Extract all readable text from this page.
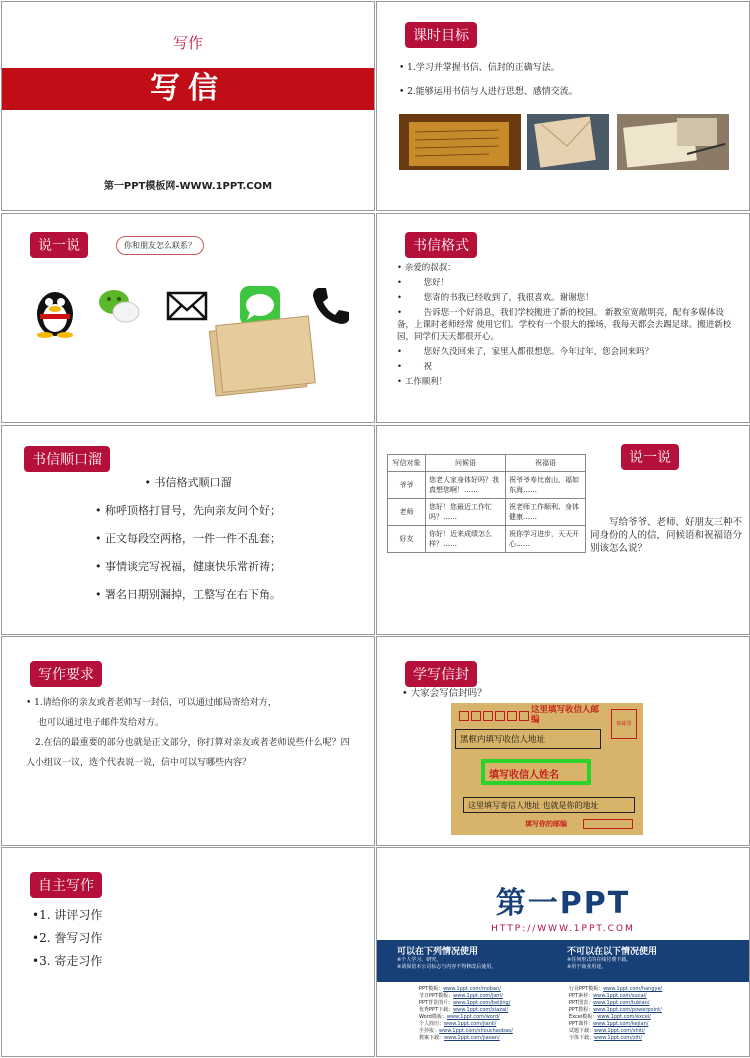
写作
写信
第一PPT模板网-WWW.1PPT.COM
课时目标
• 1.学习并掌握书信、信封的正确写法。
• 2.能够运用书信与人进行思想、感情交流。
说一说	你和朋友怎么联系？	书信格式

• 亲爱的叔叔：

•        您好！

•        您寄的书我已经收到了，我很喜欢。谢谢您！

•        告诉您一个好消息，我们学校搬进了新的校园。 新教室宽敞明亮，配有多媒体设备，上课时老师经常 使用它们。学校有一个很大的操场，我每天都会去踢足球。搬进新校园，同学们天天都很开心。

•        您好久没回来了，家里人都很想您。今年过年，您会回来吗？

•        祝

• 工作顺利！

书信顺口溜

• 书信格式顺口溜

• 称呼顶格打冒号，先向亲友问个好；

• 正文每段空两格，一件一件不乱套；

• 事情谈完写祝福，健康快乐常祈祷；

• 署名日期别漏掉，工整写在右下角。

写信对象	问候语	祝福语
爷爷	您老人家身体好吗？我真想您啊！……	祝爷爷寿比南山、福如东海……
老师	您好！您最近工作忙吗？……	祝老师工作顺利、身体健康……
好友	你好！近来成绩怎么样？……	祝你学习进步，天天开心……
说一说
写给爷爷、老师、好朋友三种不同身份的人的信，问候语和祝福语分别该怎么说？
写作要求
• 1.请给你的亲友或者老师写一封信，可以通过邮局寄给对方，
也可以通过电子邮件发给对方。
2.在信的最重要的部分也就是正文部分，你打算对亲友或者老师说些什么呢？四人小组议一议，选个代表说一说，信中可以写哪些内容？
学写信封
• 大家会写信封吗？
这里填写收信人邮编	贴邮票
黑框内填写收信人地址
填写收信人姓名
这里填写寄信人地址 也就是你的地址
填写你的邮编
自主写作

•1. 讲评习作

•2. 誊写习作

•3. 寄走习作

第一PPT
HTTP://WWW.1PPT.COM
可以在下列情况使用

※个人学习、研究。

※请保留本公司标志与内容不得修改后使用。

不可以在以下情况使用

※任何形式的在线付费下载。

※用于商业用途。

PPT模板：www.1ppt.com/moban/

节日PPT模板：www.1ppt.com/jieri/

PPT背景图片：www.1ppt.com/beijing/

优秀PPT下载：www.1ppt.com/xiazai/

Word模板：www.1ppt.com/word/

个人简历：www.1ppt.com/jianli/

手抄报：www.1ppt.com/shouchaobao/

教案下载：www.1ppt.com/jiaoan/

行业PPT模板：www.1ppt.com/hangye/

PPT素材：www.1ppt.com/sucai/

PPT图表：www.1ppt.com/tubiao/

PPT教程：www.1ppt.com/powerpoint/

Excel模板：www.1ppt.com/excel/

PPT课件：www.1ppt.com/kejian/

试题下载：www.1ppt.com/shiti/

字体下载：www.1ppt.com/ziti/
